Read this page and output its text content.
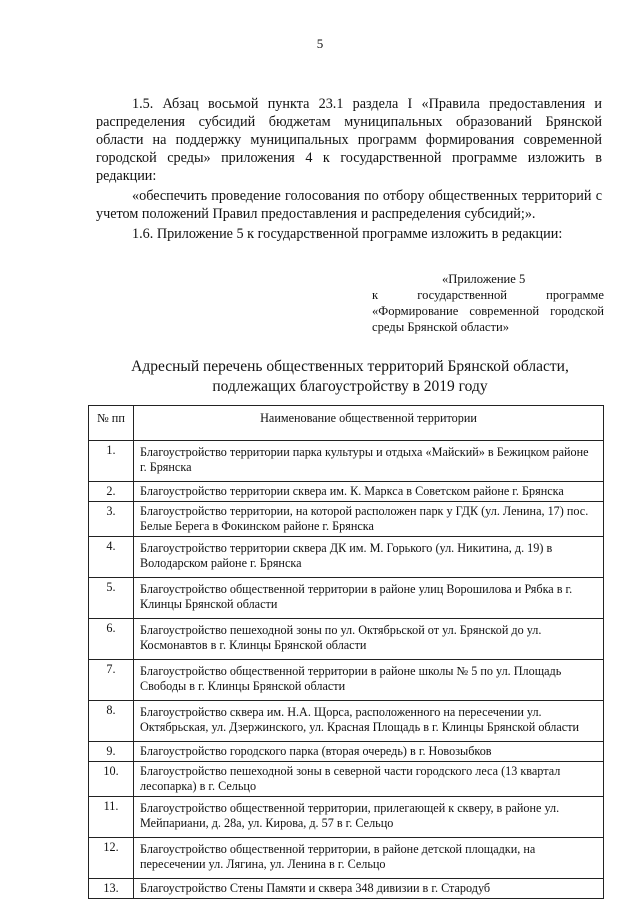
5

1.5. Абзац восьмой пункта 23.1 раздела I «Правила предоставления и распределения субсидий бюджетам муниципальных образований Брянской области на поддержку муниципальных программ формирования современной городской среды» приложения 4 к государственной программе изложить в редакции:

«обеспечить проведение голосования по отбору общественных территорий с учетом положений Правил предоставления и распределения субсидий;».

1.6. Приложение 5 к государственной программе изложить в редакции:

«Приложение 5
к государственной программе «Формирование современной городской среды Брянской области»
Адресный перечень общественных территорий Брянской области,
подлежащих благоустройству в 2019 году
№ пп	Наименование общественной территории
1.	Благоустройство территории парка культуры и отдыха «Майский» в Бежицком районе г. Брянска
2.	Благоустройство территории сквера им. К. Маркса в Советском районе г. Брянска
3.	Благоустройство территории, на которой расположен парк у ГДК (ул. Ленина, 17) пос. Белые Берега в Фокинском районе г. Брянска
4.	Благоустройство территории сквера ДК им. М. Горького (ул. Никитина, д. 19) в Володарском районе г. Брянска
5.	Благоустройство общественной территории в районе улиц Ворошилова и Рябка в г. Клинцы Брянской области
6.	Благоустройство пешеходной зоны по ул. Октябрьской от ул. Брянской до ул. Космонавтов в г. Клинцы Брянской области
7.	Благоустройство общественной территории в районе школы № 5 по ул. Площадь Свободы в г. Клинцы Брянской области
8.	Благоустройство сквера им. Н.А. Щорса, расположенного на пересечении ул. Октябрьская, ул. Дзержинского, ул. Красная Площадь в г. Клинцы Брянской области
9.	Благоустройство городского парка (вторая очередь) в г. Новозыбков
10.	Благоустройство пешеходной зоны в северной части городского леса (13 квартал лесопарка) в г. Сельцо
11.	Благоустройство общественной территории, прилегающей к скверу, в районе ул. Мейпариани, д. 28а, ул. Кирова, д. 57 в г. Сельцо
12.	Благоустройство общественной территории, в районе детской площадки, на пересечении ул. Лягина, ул. Ленина в г. Сельцо
13.	Благоустройство Стены Памяти и сквера 348 дивизии в г. Стародуб
